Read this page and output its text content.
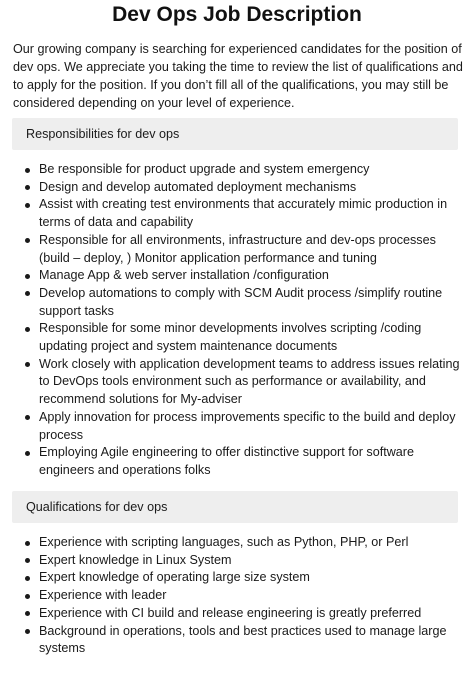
Dev Ops Job Description

Our growing company is searching for experienced candidates for the position of dev ops. We appreciate you taking the time to review the list of qualifications and to apply for the position. If you don’t fill all of the qualifications, you may still be considered depending on your level of experience.

Responsibilities for dev ops
Be responsible for product upgrade and system emergency
Design and develop automated deployment mechanisms
Assist with creating test environments that accurately mimic production in terms of data and capability
Responsible for all environments, infrastructure and dev-ops processes (build – deploy, ) Monitor application performance and tuning
Manage App & web server installation /configuration
Develop automations to comply with SCM Audit process /simplify routine support tasks
Responsible for some minor developments involves scripting /coding updating project and system maintenance documents
Work closely with application development teams to address issues relating to DevOps tools environment such as performance or availability, and recommend solutions for My-adviser
Apply innovation for process improvements specific to the build and deploy process
Employing Agile engineering to offer distinctive support for software engineers and operations folks
Qualifications for dev ops
Experience with scripting languages, such as Python, PHP, or Perl
Expert knowledge in Linux System
Expert knowledge of operating large size system
Experience with leader
Experience with CI build and release engineering is greatly preferred
Background in operations, tools and best practices used to manage large systems
